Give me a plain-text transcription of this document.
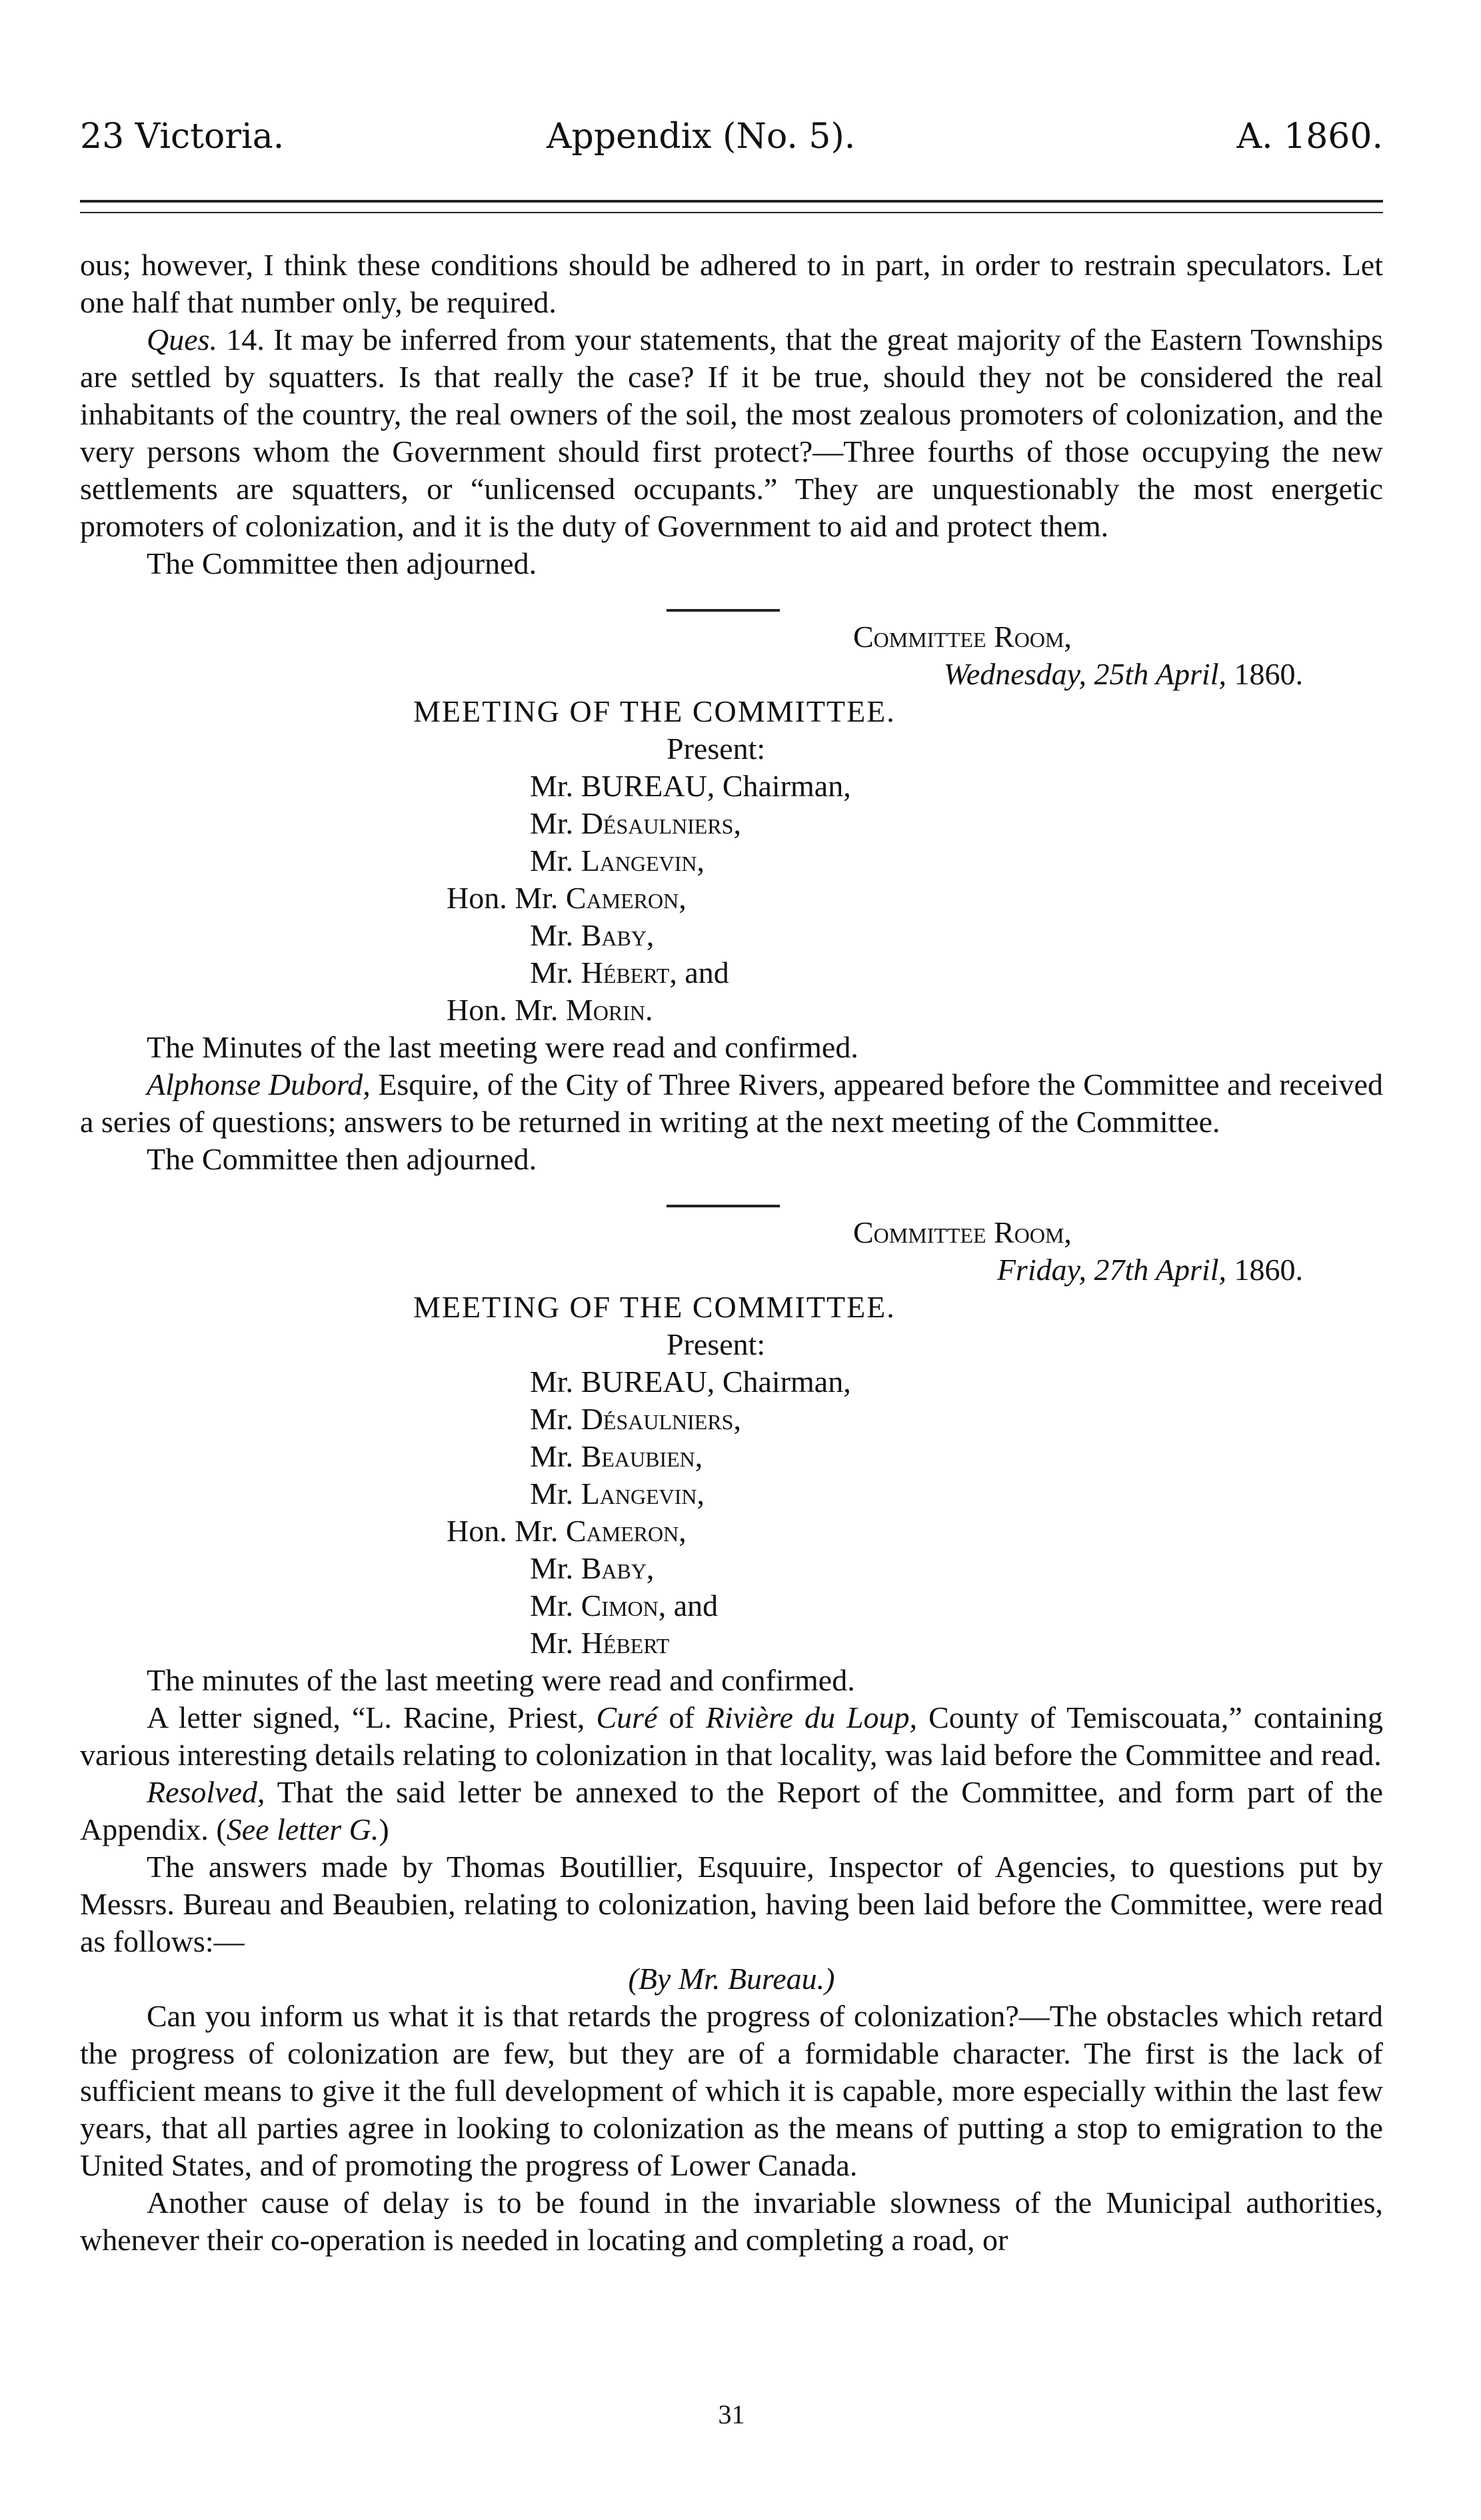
23 Victoria.	Appendix (No. 5).	A. 1860.

ous; however, I think these conditions should be adhered to in part, in order to restrain speculators. Let one half that number only, be required.

Ques. 14. It may be inferred from your statements, that the great majority of the Eastern Townships are settled by squatters. Is that really the case? If it be true, should they not be considered the real inhabitants of the country, the real owners of the soil, the most zealous promoters of colonization, and the very persons whom the Government should first protect?—Three fourths of those occupying the new settlements are squatters, or “unlicensed occupants.” They are unquestionably the most energetic promoters of colonization, and it is the duty of Government to aid and protect them.

The Committee then adjourned.

Committee Room,
Wednesday, 25th April, 1860.
MEETING OF THE COMMITTEE.
Present:
Mr. BUREAU, Chairman,
Mr. Désaulniers,
Mr. Langevin,
Hon. Mr. Cameron,
Mr. Baby,
Mr. Hébert, and
Hon. Mr. Morin.

The Minutes of the last meeting were read and confirmed.

Alphonse Dubord, Esquire, of the City of Three Rivers, appeared before the Committee and received a series of questions; answers to be returned in writing at the next meeting of the Committee.

The Committee then adjourned.

Committee Room,
Friday, 27th April, 1860.
MEETING OF THE COMMITTEE.
Present:
Mr. BUREAU, Chairman,
Mr. Désaulniers,
Mr. Beaubien,
Mr. Langevin,
Hon. Mr. Cameron,
Mr. Baby,
Mr. Cimon, and
Mr. Hébert

The minutes of the last meeting were read and confirmed.

A letter signed, “L. Racine, Priest, Curé of Rivière du Loup, County of Temiscouata,” containing various interesting details relating to colonization in that locality, was laid before the Committee and read.

Resolved, That the said letter be annexed to the Report of the Committee, and form part of the Appendix. (See letter G.)

The answers made by Thomas Boutillier, Esquuire, Inspector of Agencies, to questions put by Messrs. Bureau and Beaubien, relating to colonization, having been laid before the Committee, were read as follows:—

(By Mr. Bureau.)

Can you inform us what it is that retards the progress of colonization?—The obstacles which retard the progress of colonization are few, but they are of a formidable character. The first is the lack of sufficient means to give it the full development of which it is capable, more especially within the last few years, that all parties agree in looking to colonization as the means of putting a stop to emigration to the United States, and of promoting the progress of Lower Canada.

Another cause of delay is to be found in the invariable slowness of the Municipal authorities, whenever their co-operation is needed in locating and completing a road, or

31
